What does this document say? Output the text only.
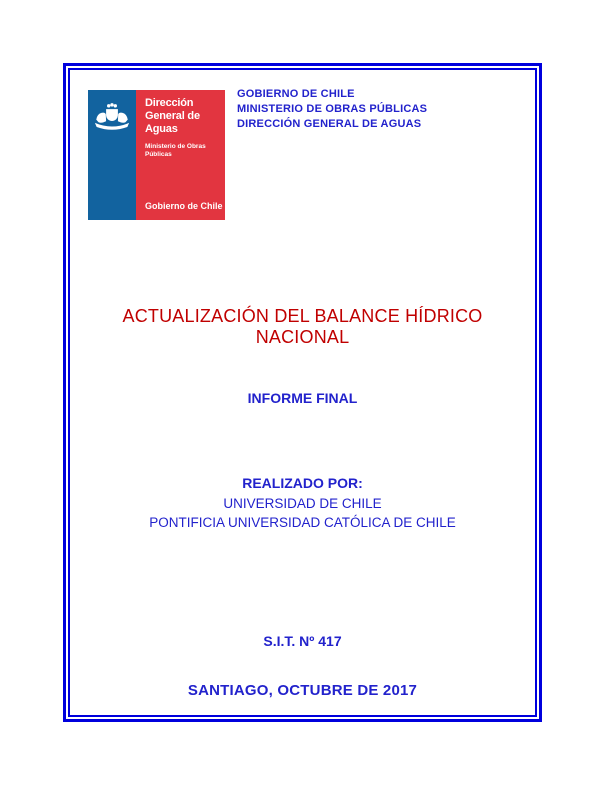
Dirección
General de
Aguas
Ministerio de Obras
Públicas
Gobierno de Chile
GOBIERNO DE CHILE
MINISTERIO DE OBRAS PÚBLICAS
DIRECCIÓN GENERAL DE AGUAS
ACTUALIZACIÓN DEL BALANCE HÍDRICO
NACIONAL
INFORME FINAL
REALIZADO POR:
UNIVERSIDAD DE CHILE
PONTIFICIA UNIVERSIDAD CATÓLICA DE CHILE
S.I.T. Nº 417
SANTIAGO, OCTUBRE DE 2017
